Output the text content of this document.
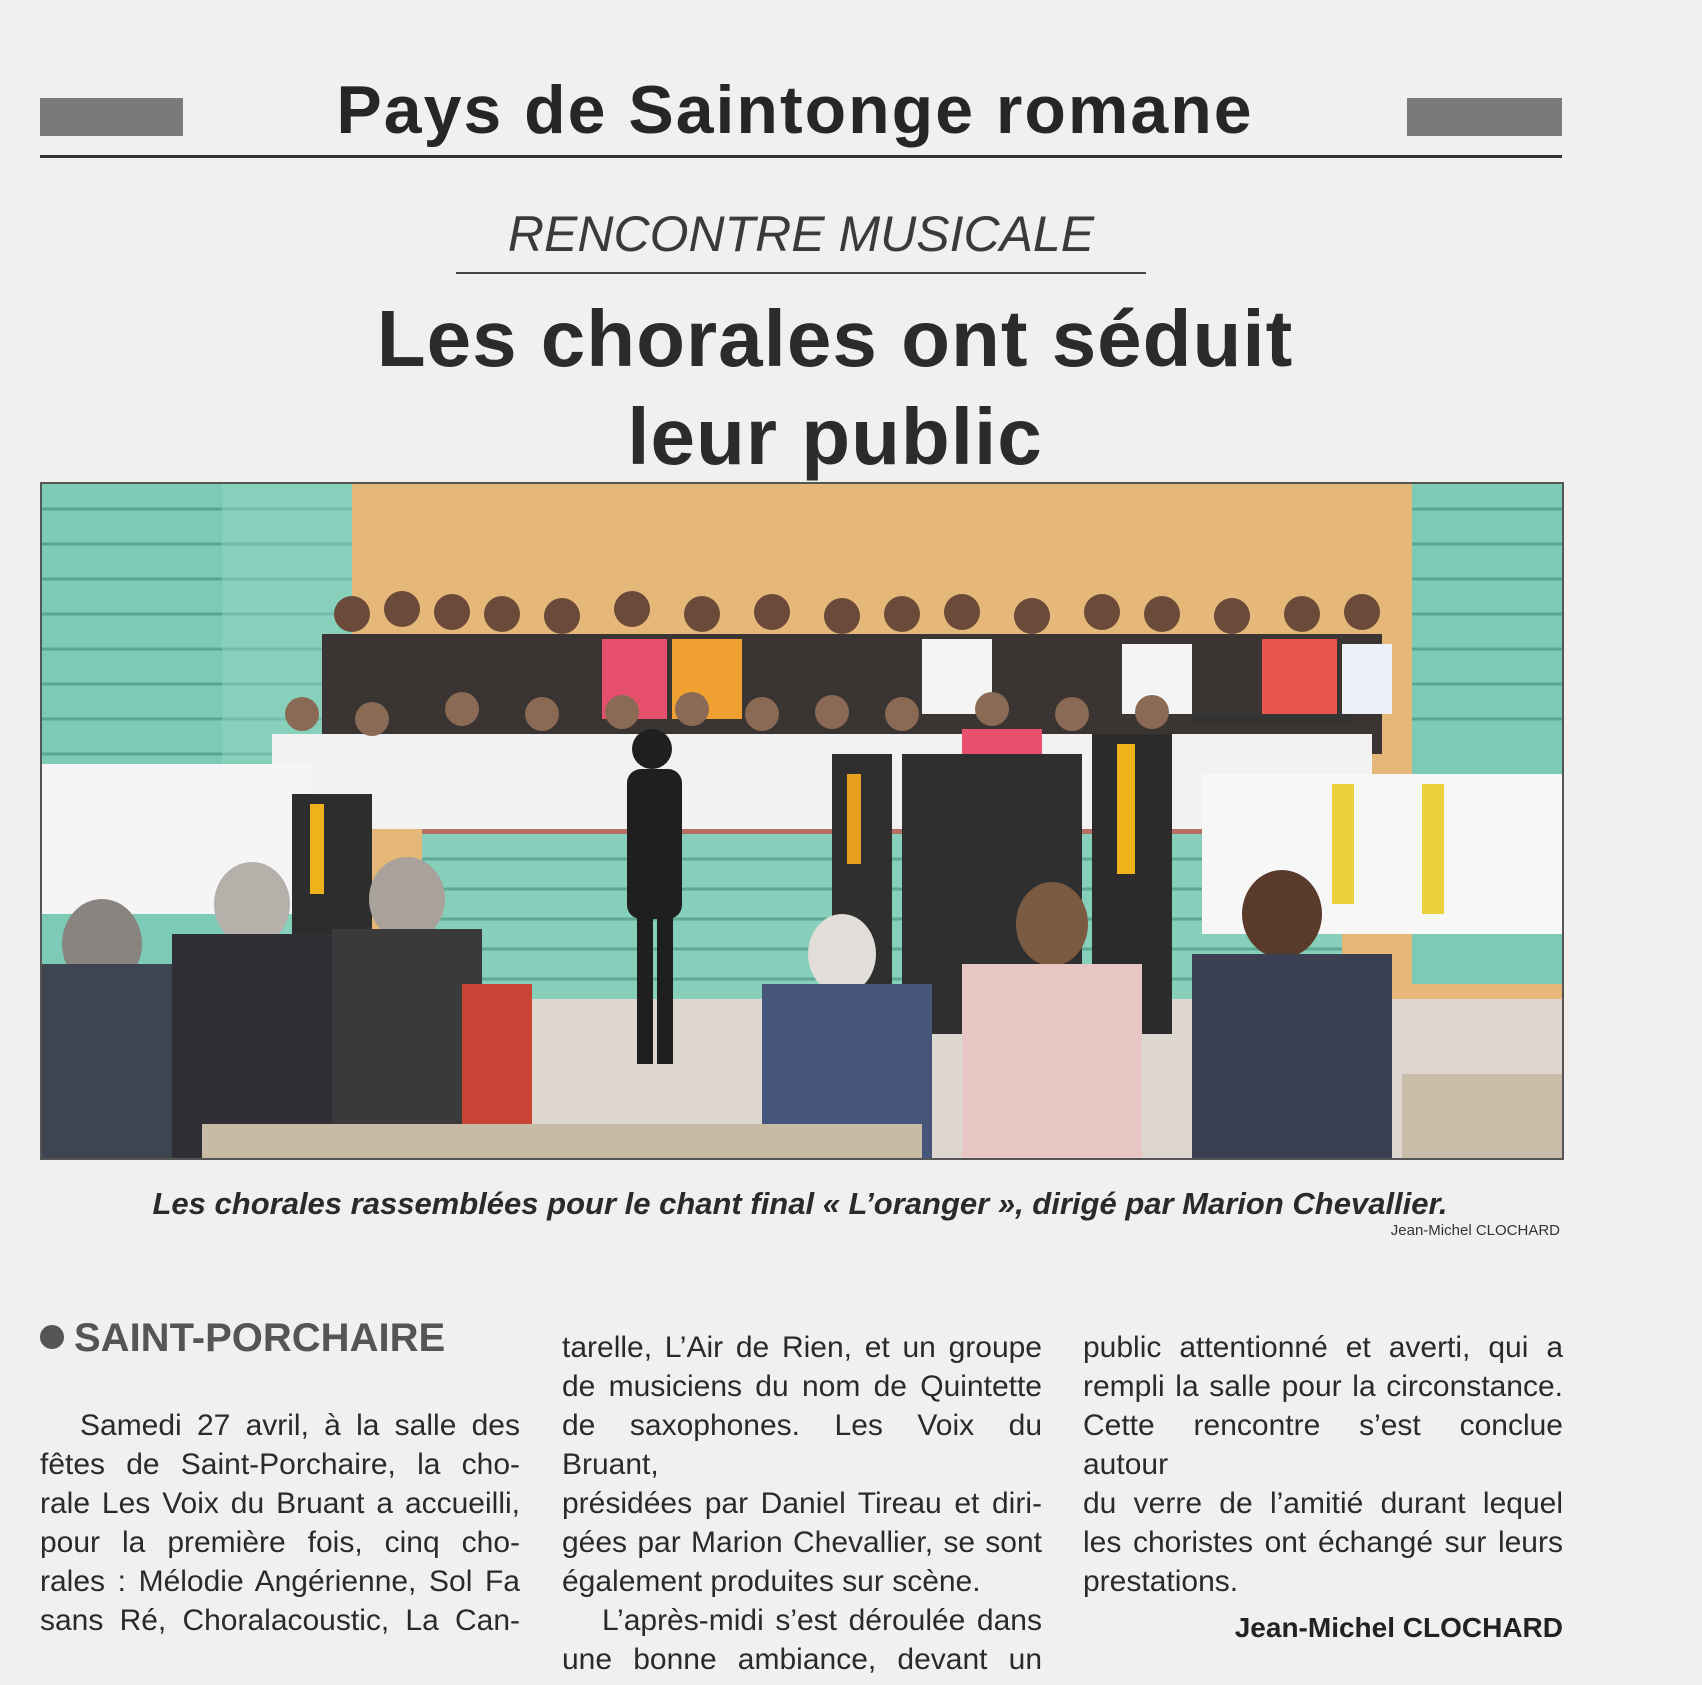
Pays de Saintonge romane
RENCONTRE MUSICALE
Les chorales ont séduit
leur public
Les chorales rassemblées pour le chant final « L’oranger », dirigé par Marion Chevallier.
Jean-Michel CLOCHARD
SAINT-PORCHAIRE

Samedi 27 avril, à la salle des

fêtes de Saint-Porchaire, la cho-

rale Les Voix du Bruant a accueilli,

pour la première fois, cinq cho-

rales : Mélodie Angérienne, Sol Fa

sans Ré, Choralacoustic, La Can-

tarelle, L’Air de Rien, et un groupe

de musiciens du nom de Quintette

de saxophones. Les Voix du Bruant,

présidées par Daniel Tireau et diri-

gées par Marion Chevallier, se sont

également produites sur scène.

L’après-midi s’est déroulée dans

une bonne ambiance, devant un

public attentionné et averti, qui a

rempli la salle pour la circonstance.

Cette rencontre s’est conclue autour

du verre de l’amitié durant lequel

les choristes ont échangé sur leurs

prestations.

Jean-Michel CLOCHARD
